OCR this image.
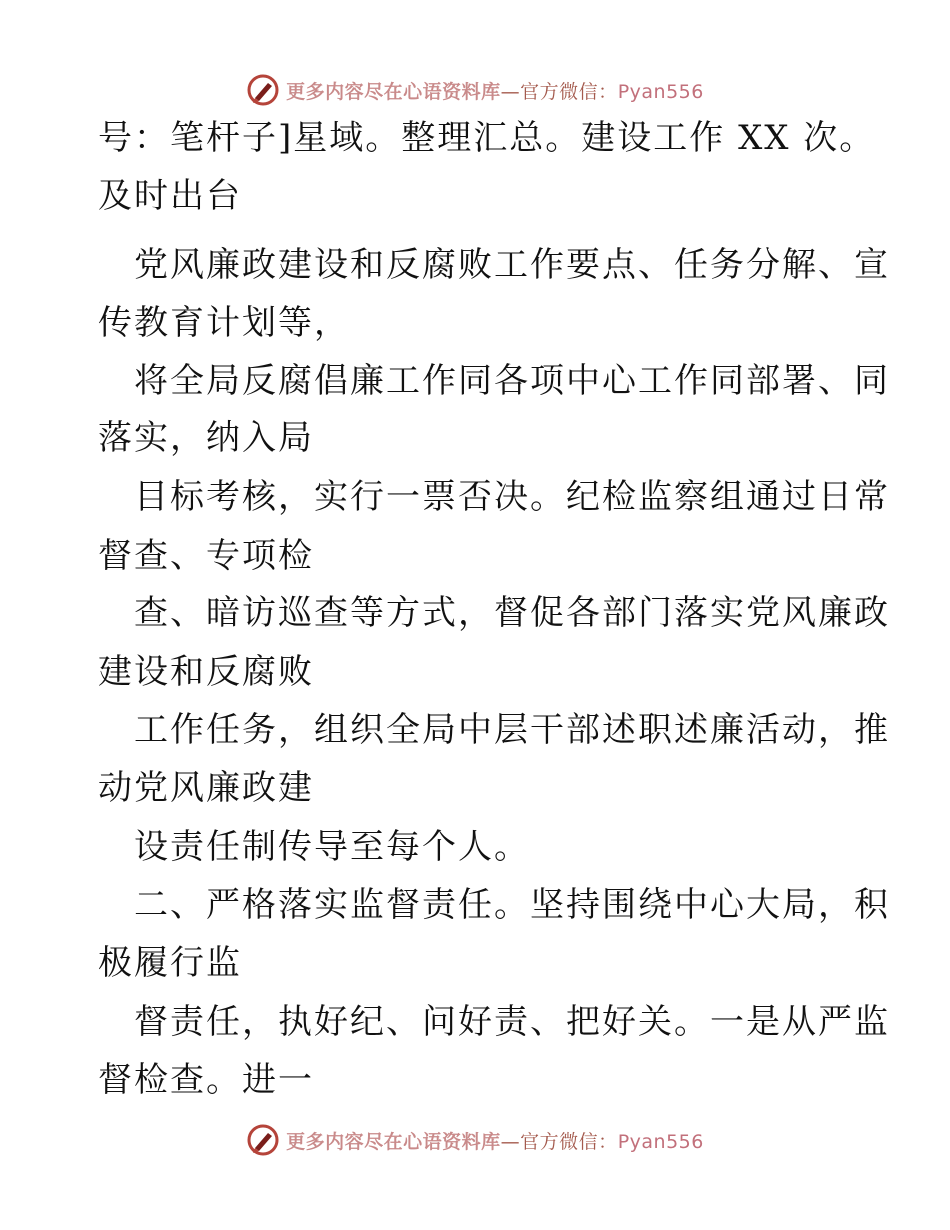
更多内容尽在心语资料库—官方微信：Pyan556
号：笔杆子]星域。整理汇总。建设工作 XX 次。
及时出台
党风廉政建设和反腐败工作要点、任务分解、宣
传教育计划等，
将全局反腐倡廉工作同各项中心工作同部署、同
落实，纳入局
目标考核，实行一票否决。纪检监察组通过日常
督查、专项检
查、暗访巡查等方式，督促各部门落实党风廉政
建设和反腐败
工作任务，组织全局中层干部述职述廉活动，推
动党风廉政建
设责任制传导至每个人。
二、严格落实监督责任。坚持围绕中心大局，积
极履行监
督责任，执好纪、问好责、把好关。一是从严监
督检查。进一
更多内容尽在心语资料库—官方微信：Pyan556
